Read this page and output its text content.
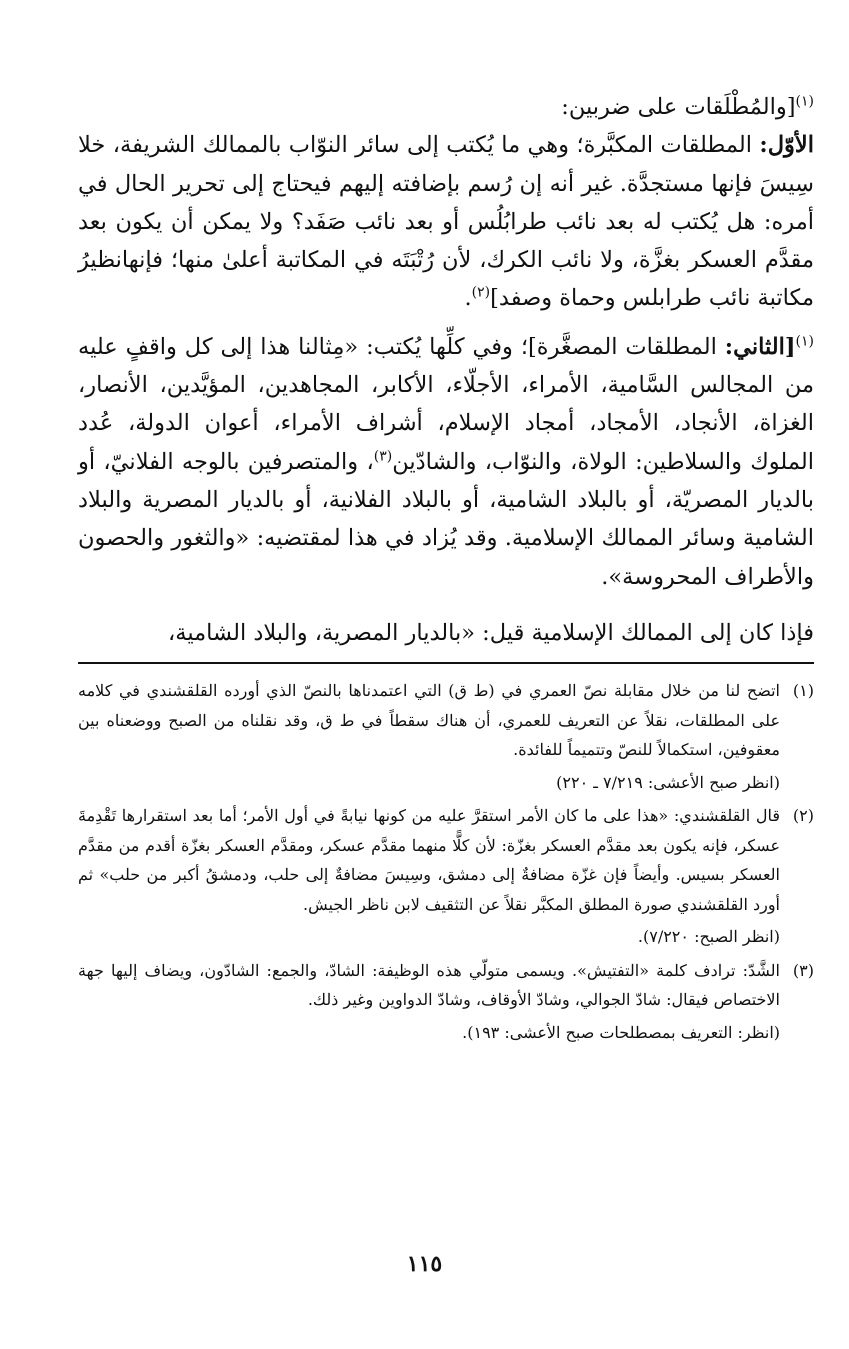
$^{(١)}$[والمُطْلَقات على ضربين:

الأوّل: المطلقات المكبَّرة؛ وهي ما يُكتب إلى سائر النوّاب بالممالك الشريفة، خلا سِيسَ فإنها مستجدَّة. غير أنه إن رُسم بإضافته إليهم فيحتاج إلى تحرير الحال في أمره: هل يُكتب له بعد نائب طرابُلُس أو بعد نائب صَفَد؟ ولا يمكن أن يكون بعد مقدَّم العسكر بغزَّة، ولا نائب الكرك، لأن رُتْبَتَه في المكاتبة أعلىٰ منها؛ فإنهانظيرُ مكاتبة نائب طرابلس وحماة وصفد]$^{(٢)}$.

$^{(١)}$[الثاني: المطلقات المصغَّرة]؛ وفي كلِّها يُكتب: «مِثالنا هذا إلى كل واقفٍ عليه من المجالس السَّامية، الأمراء، الأجلّاء، الأكابر، المجاهدين، المؤيَّدين، الأنصار، الغزاة، الأنجاد، الأمجاد، أمجاد الإسلام، أشراف الأمراء، أعوان الدولة، عُدد الملوك والسلاطين: الولاة، والنوّاب، والشادّين$^{(٣)}$، والمتصرفين بالوجه الفلانيّ، أو بالديار المصريّة، أو بالبلاد الشامية، أو بالبلاد الفلانية، أو بالديار المصرية والبلاد الشامية وسائر الممالك الإسلامية. وقد يُزاد في هذا لمقتضيه: «والثغور والحصون والأطراف المحروسة».

فإذا كان إلى الممالك الإسلامية قيل: «بالديار المصرية، والبلاد الشامية،

(١)

اتضح لنا من خلال مقابلة نصّ العمري في (ط ق) التي اعتمدناها بالنصّ الذي أورده القلقشندي في كلامه على المطلقات، نقلاً عن التعريف للعمري، أن هناك سقطاً في ط ق، وقد نقلناه من الصبح ووضعناه بين معقوفين، استكمالاً للنصّ وتتميماً للفائدة.

(انظر صبح الأعشى: ٧/٢١٩ ـ ٢٢٠)

(٢)

قال القلقشندي: «هذا على ما كان الأمر استقرَّ عليه من كونها نيابةً في أول الأمر؛ أما بعد استقرارها تَقْدِمةَ عسكر، فإنه يكون بعد مقدَّم العسكر بغزّة: لأن كلًّا منهما مقدَّم عسكر، ومقدَّم العسكر بغزّة أقدم من مقدَّم العسكر بسيس. وأيضاً فإن غزّة مضافةٌ إلى دمشق، وسِيسَ مضافةٌ إلى حلب، ودمشقُ أكبر من حلب» ثم أورد القلقشندي صورة المطلق المكبَّر نقلاً عن التثقيف لابن ناظر الجيش.

(انظر الصبح: ٧/٢٢٠).

(٣)

الشَّدّ: ترادف كلمة «التفتيش». ويسمى متولّي هذه الوظيفة: الشادّ، والجمع: الشادّون، ويضاف إليها جهة الاختصاص فيقال: شادّ الجوالي، وشادّ الأوقاف، وشادّ الدواوين وغير ذلك.

(انظر: التعريف بمصطلحات صبح الأعشى: ١٩٣).

١١٥
